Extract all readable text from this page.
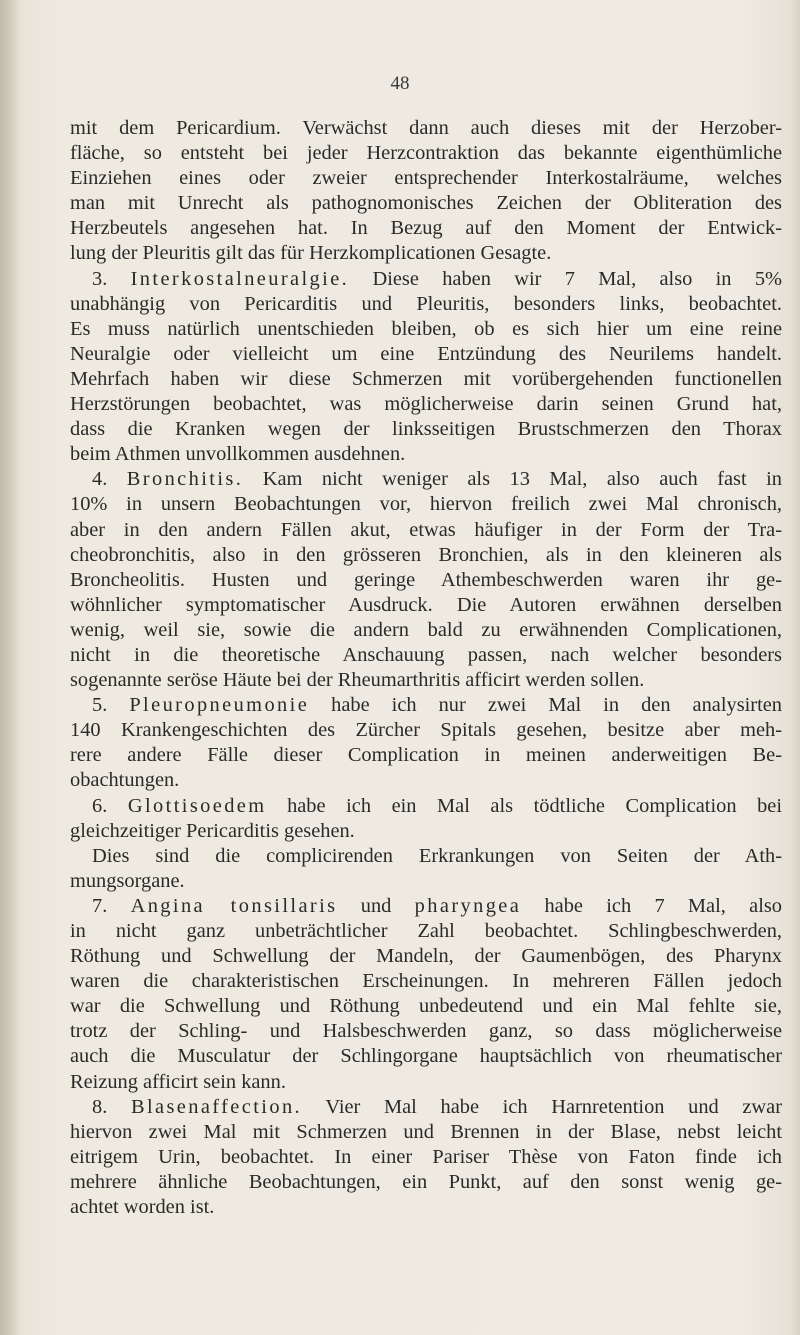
48
mit dem Pericardium. Verwächst dann auch dieses mit der Herzober-
fläche, so entsteht bei jeder Herzcontraktion das bekannte eigenthümliche
Einziehen eines oder zweier entsprechender Interkostalräume, welches
man mit Unrecht als pathognomonisches Zeichen der Obliteration des
Herzbeutels angesehen hat. In Bezug auf den Moment der Entwick-
lung der Pleuritis gilt das für Herzkomplicationen Gesagte.
3. Interkostalneuralgie. Diese haben wir 7 Mal, also in 5%
unabhängig von Pericarditis und Pleuritis, besonders links, beobachtet.
Es muss natürlich unentschieden bleiben, ob es sich hier um eine reine
Neuralgie oder vielleicht um eine Entzündung des Neurilems handelt.
Mehrfach haben wir diese Schmerzen mit vorübergehenden functionellen
Herzstörungen beobachtet, was möglicherweise darin seinen Grund hat,
dass die Kranken wegen der linksseitigen Brustschmerzen den Thorax
beim Athmen unvollkommen ausdehnen.
4. Bronchitis. Kam nicht weniger als 13 Mal, also auch fast in
10% in unsern Beobachtungen vor, hiervon freilich zwei Mal chronisch,
aber in den andern Fällen akut, etwas häufiger in der Form der Tra-
cheobronchitis, also in den grösseren Bronchien, als in den kleineren als
Broncheolitis. Husten und geringe Athembeschwerden waren ihr ge-
wöhnlicher symptomatischer Ausdruck. Die Autoren erwähnen derselben
wenig, weil sie, sowie die andern bald zu erwähnenden Complicationen,
nicht in die theoretische Anschauung passen, nach welcher besonders
sogenannte seröse Häute bei der Rheumarthritis afficirt werden sollen.
5. Pleuropneumonie habe ich nur zwei Mal in den analysirten
140 Krankengeschichten des Zürcher Spitals gesehen, besitze aber meh-
rere andere Fälle dieser Complication in meinen anderweitigen Be-
obachtungen.
6. Glottisoedem habe ich ein Mal als tödtliche Complication bei
gleichzeitiger Pericarditis gesehen.
Dies sind die complicirenden Erkrankungen von Seiten der Ath-
mungsorgane.
7. Angina tonsillaris und pharyngea habe ich 7 Mal, also
in nicht ganz unbeträchtlicher Zahl beobachtet. Schlingbeschwerden,
Röthung und Schwellung der Mandeln, der Gaumenbögen, des Pharynx
waren die charakteristischen Erscheinungen. In mehreren Fällen jedoch
war die Schwellung und Röthung unbedeutend und ein Mal fehlte sie,
trotz der Schling- und Halsbeschwerden ganz, so dass möglicherweise
auch die Musculatur der Schlingorgane hauptsächlich von rheumatischer
Reizung afficirt sein kann.
8. Blasenaffection. Vier Mal habe ich Harnretention und zwar
hiervon zwei Mal mit Schmerzen und Brennen in der Blase, nebst leicht
eitrigem Urin, beobachtet. In einer Pariser Thèse von Faton finde ich
mehrere ähnliche Beobachtungen, ein Punkt, auf den sonst wenig ge-
achtet worden ist.
